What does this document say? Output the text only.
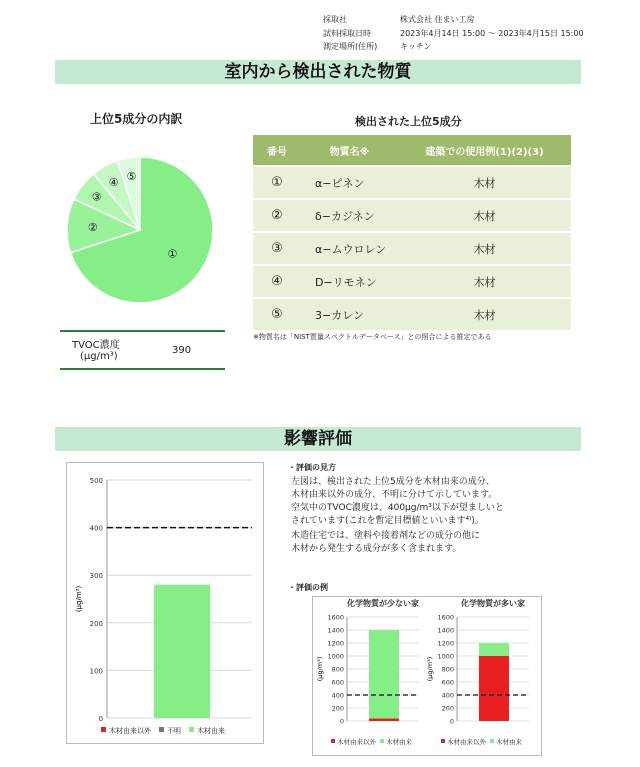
採取社	株式会社 住まい工房
試料採取日時	2023年4月14日 15:00 ～ 2023年4月15日 15:00
測定場所(住所)	キッチン
室内から検出された物質
上位5成分の内訳
①
②
③
④ ⑤
検出された上位5成分
番号	物質名※	建築での使用例(1)(2)(3)
①	α−ピネン	木材
②	δ−カジネン	木材
③	α−ムウロレン	木材
④	D−リモネン	木材
⑤	3−カレン	木材
※物質名は「NIST質量スペクトルデータベース」との照合による推定である
TVOC濃度
(µg/m³)
390
影響評価
0
100
200
300
400
500
(µg/m³)
木材由来以外 不明 木材由来
・評価の見方
左図は、検出された上位5成分を木材由来の成分、
木材由来以外の成分、不明に分けて示しています。
空気中のTVOC濃度は、400µg/m³以下が望ましいと
されています(これを暫定目標値といいます⁴⁾)。
木造住宅では、塗料や接着剤などの成分の他に
木材から発生する成分が多く含まれます。
・評価の例
化学物質が少ない家
0
200
400
600
800
1000
1200
1400
1600
(µg/m³)
木材由来以外 木材由来
化学物質が多い家
0
200
400
600
800
1000
1200
1400
1600
(µg/m³)
木材由来以外 木材由来
